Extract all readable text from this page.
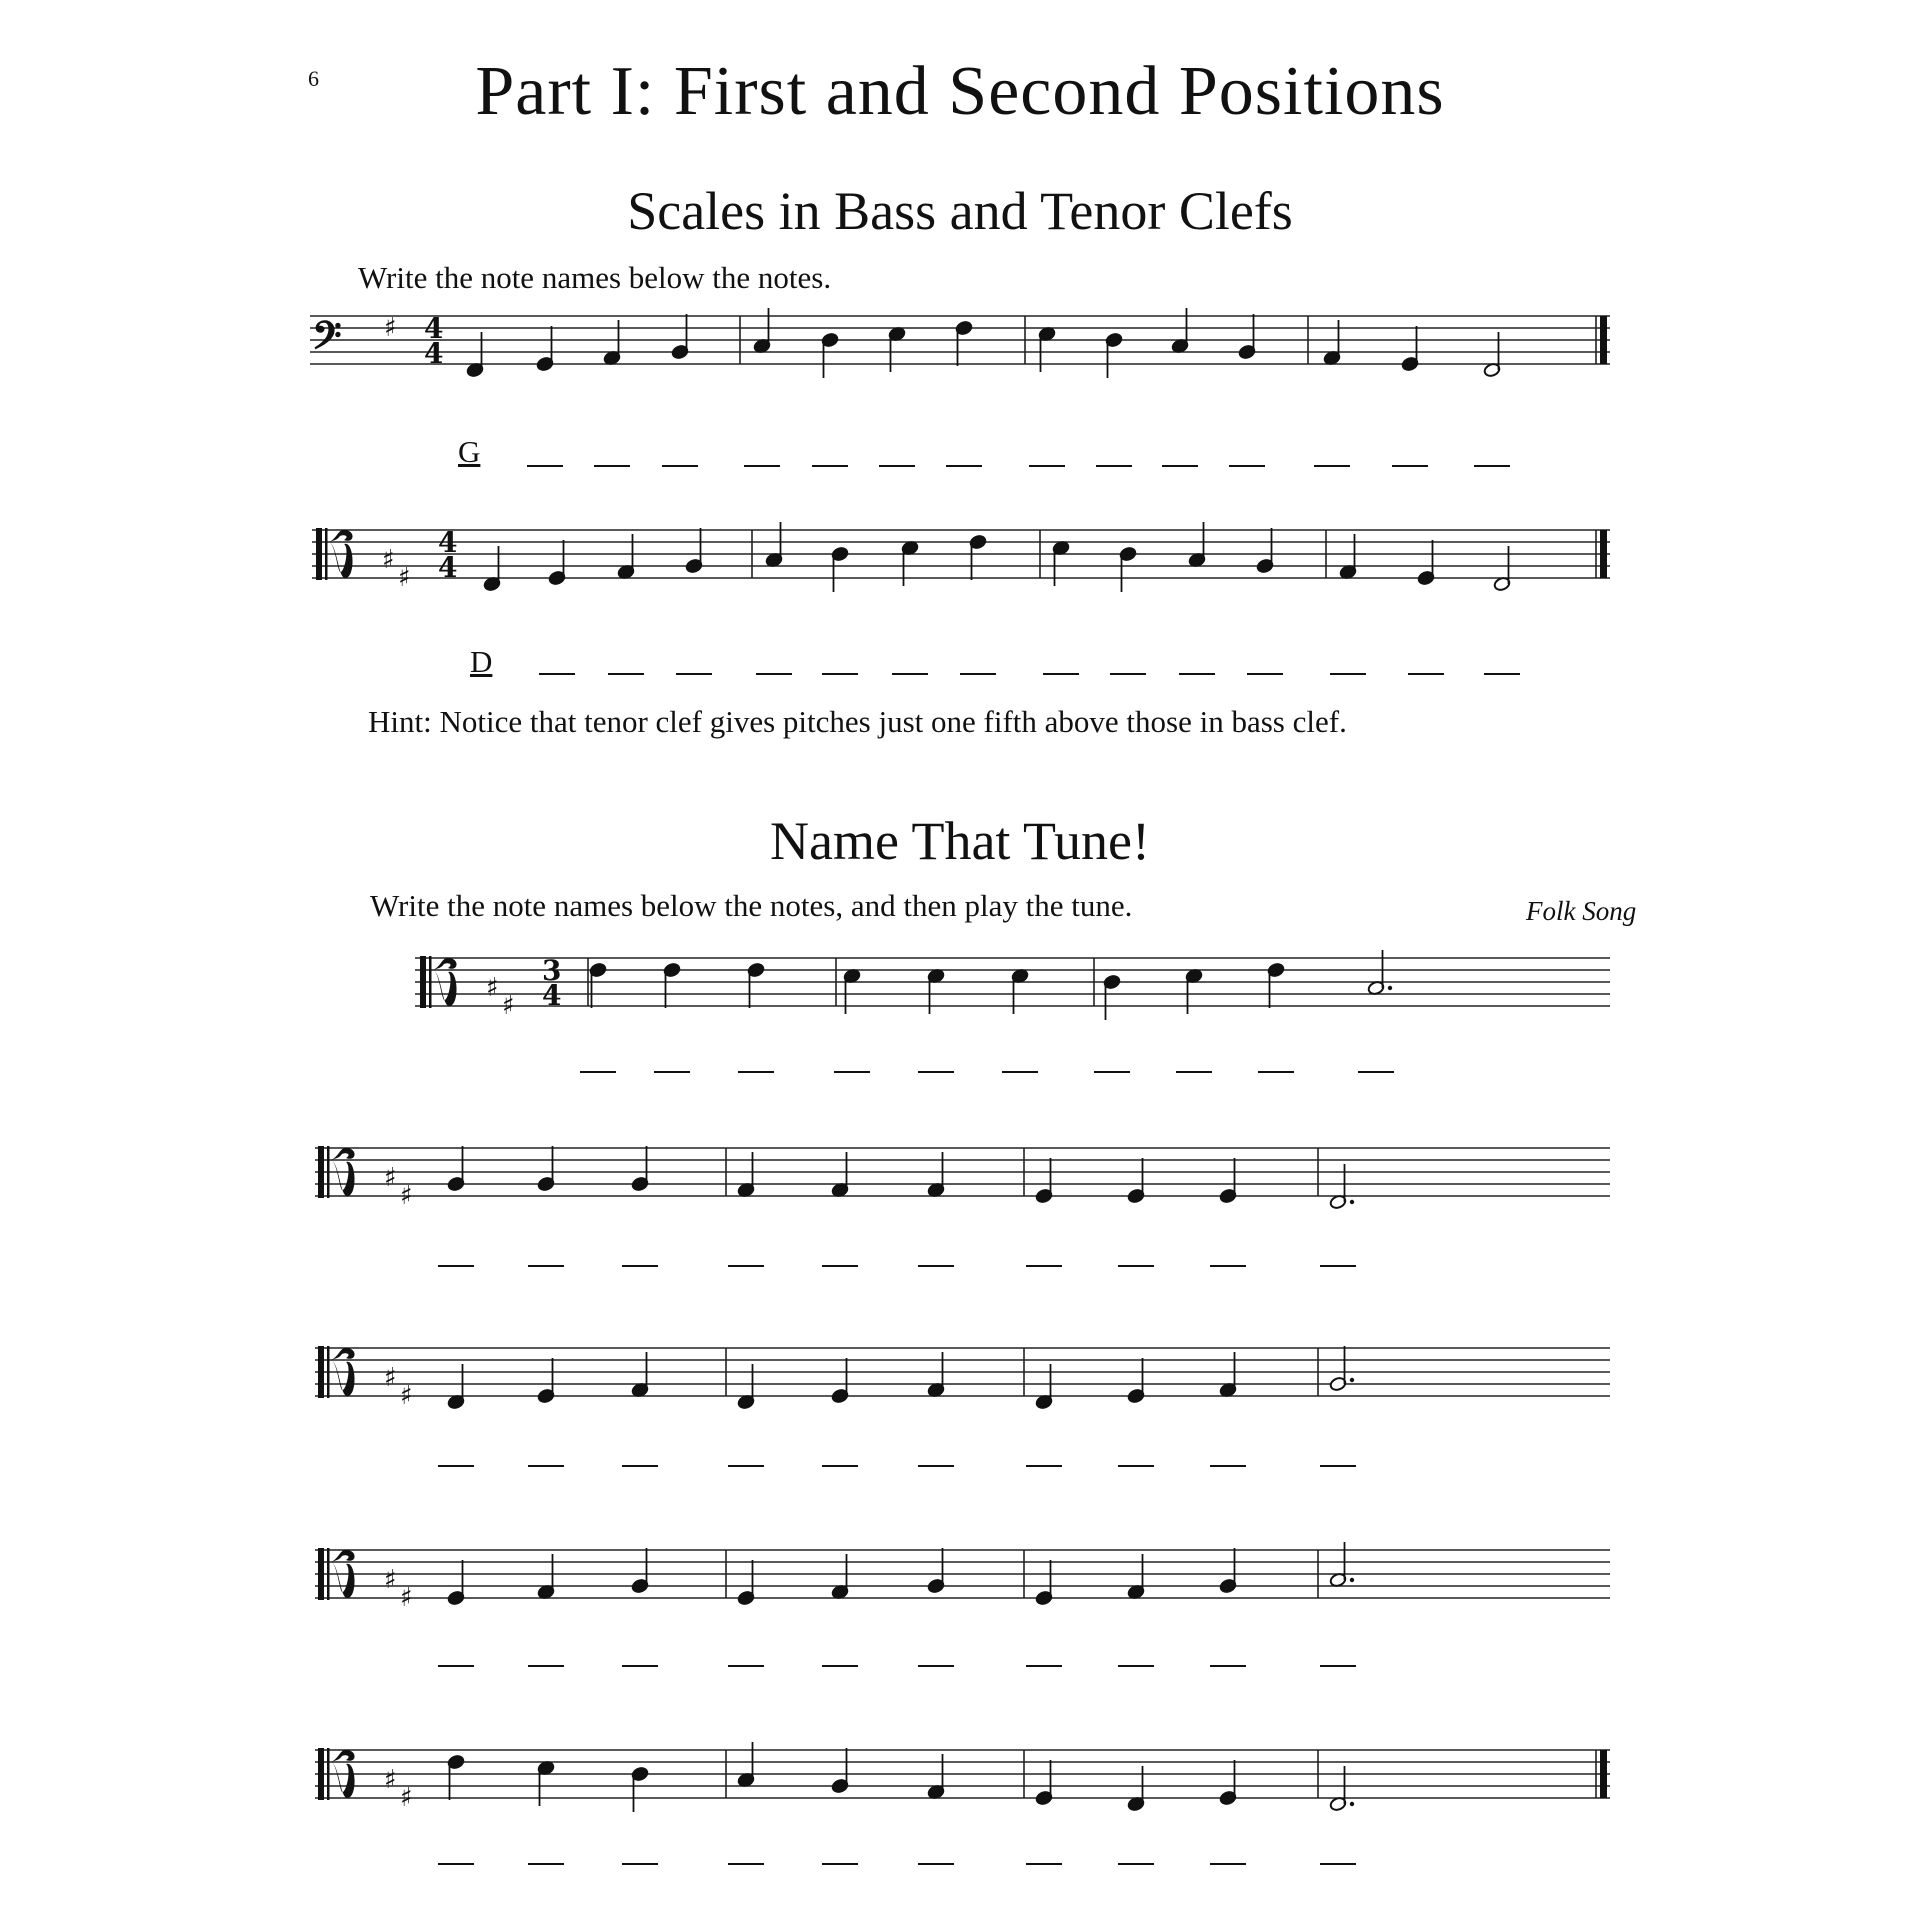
6	Part I: First and Second Positions
Scales in Bass and Tenor Clefs
Write the note names below the notes.
G
D
Hint: Notice that tenor clef gives pitches just one fifth above those in bass clef.
Name That Tune!
Write the note names below the notes, and then play the tune.	Folk Song
𝄢 ♯ 4
4
♯
♯
4
4
♯
♯
3
4
♯
♯
♯
♯
♯
♯
♯
♯
